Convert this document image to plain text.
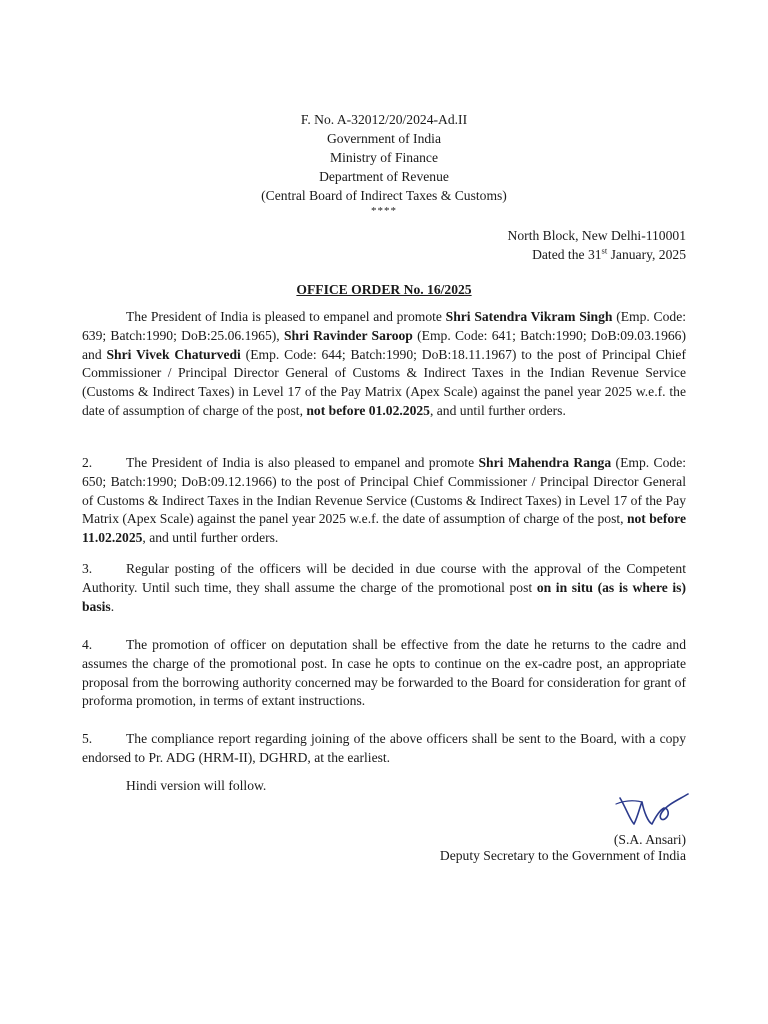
F. No. A-32012/20/2024-Ad.II
Government of India
Ministry of Finance
Department of Revenue
(Central Board of Indirect Taxes & Customs)
****
North Block, New Delhi-110001
Dated the 31st January, 2025
OFFICE ORDER No. 16/2025
The President of India is pleased to empanel and promote Shri Satendra Vikram Singh (Emp. Code: 639; Batch:1990; DoB:25.06.1965), Shri Ravinder Saroop (Emp. Code: 641; Batch:1990; DoB:09.03.1966) and Shri Vivek Chaturvedi (Emp. Code: 644; Batch:1990; DoB:18.11.1967) to the post of Principal Chief Commissioner / Principal Director General of Customs & Indirect Taxes in the Indian Revenue Service (Customs & Indirect Taxes) in Level 17 of the Pay Matrix (Apex Scale) against the panel year 2025 w.e.f. the date of assumption of charge of the post, not before 01.02.2025, and until further orders.
2. The President of India is also pleased to empanel and promote Shri Mahendra Ranga (Emp. Code: 650; Batch:1990; DoB:09.12.1966) to the post of Principal Chief Commissioner / Principal Director General of Customs & Indirect Taxes in the Indian Revenue Service (Customs & Indirect Taxes) in Level 17 of the Pay Matrix (Apex Scale) against the panel year 2025 w.e.f. the date of assumption of charge of the post, not before 11.02.2025, and until further orders.
3. Regular posting of the officers will be decided in due course with the approval of the Competent Authority. Until such time, they shall assume the charge of the promotional post on in situ (as is where is) basis.
4. The promotion of officer on deputation shall be effective from the date he returns to the cadre and assumes the charge of the promotional post. In case he opts to continue on the ex-cadre post, an appropriate proposal from the borrowing authority concerned may be forwarded to the Board for consideration for grant of proforma promotion, in terms of extant instructions.
5. The compliance report regarding joining of the above officers shall be sent to the Board, with a copy endorsed to Pr. ADG (HRM-II), DGHRD, at the earliest.
Hindi version will follow.
(S.A. Ansari)
Deputy Secretary to the Government of India
